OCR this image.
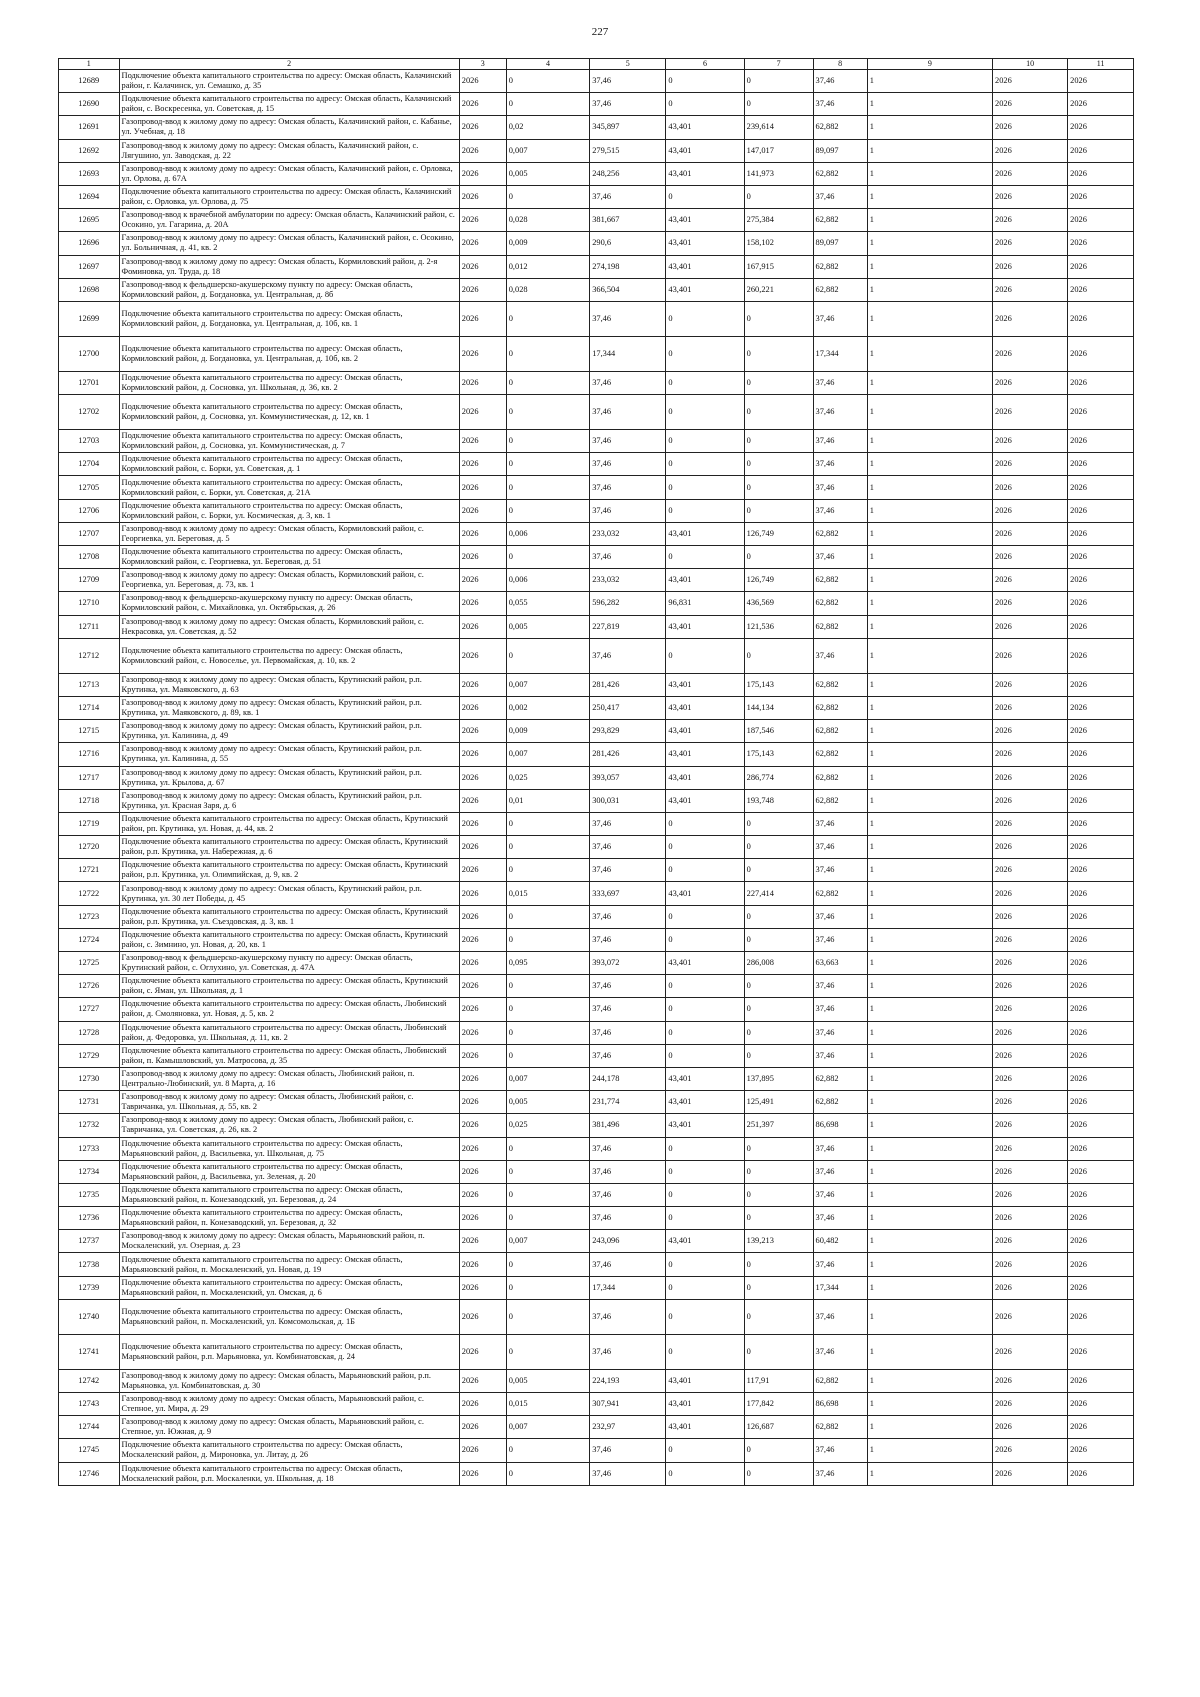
227
1	2	3	4	5	6	7	8	9	10	11
12689	Подключение объекта капитального строительства по адресу: Омская область, Калачинский район, г. Калачинск, ул. Семашко, д. 35	2026	0	37,46	0	0	37,46	1	2026	2026
12690	Подключение объекта капитального строительства по адресу: Омская область, Калачинский район, с. Воскресенка, ул. Советская, д. 15	2026	0	37,46	0	0	37,46	1	2026	2026
12691	Газопровод-ввод к жилому дому по адресу: Омская область, Калачинский район, с. Кабанье, ул. Учебная, д. 18	2026	0,02	345,897	43,401	239,614	62,882	1	2026	2026
12692	Газопровод-ввод к жилому дому по адресу: Омская область, Калачинский район, с. Лягушино, ул. Заводская, д. 22	2026	0,007	279,515	43,401	147,017	89,097	1	2026	2026
12693	Газопровод-ввод к жилому дому по адресу: Омская область, Калачинский район, с. Орловка, ул. Орлова, д. 67А	2026	0,005	248,256	43,401	141,973	62,882	1	2026	2026
12694	Подключение объекта капитального строительства по адресу: Омская область, Калачинский район, с. Орловка, ул. Орлова, д. 75	2026	0	37,46	0	0	37,46	1	2026	2026
12695	Газопровод-ввод к врачебной амбулатории по адресу: Омская область, Калачинский район, с. Осокино, ул. Гагарина, д. 20А	2026	0,028	381,667	43,401	275,384	62,882	1	2026	2026
12696	Газопровод-ввод к жилому дому по адресу: Омская область, Калачинский район, с. Осокино, ул. Больничная, д. 41, кв. 2	2026	0,009	290,6	43,401	158,102	89,097	1	2026	2026
12697	Газопровод-ввод к жилому дому по адресу: Омская область, Кормиловский район, д. 2-я Фоминовка, ул. Труда, д. 18	2026	0,012	274,198	43,401	167,915	62,882	1	2026	2026
12698	Газопровод-ввод к фельдшерско-акушерскому пункту по адресу: Омская область, Кормиловский район, д. Богдановка, ул. Центральная, д. 8б	2026	0,028	366,504	43,401	260,221	62,882	1	2026	2026
12699	Подключение объекта капитального строительства по адресу: Омская область, Кормиловский район, д. Богдановка, ул. Центральная, д. 10б, кв. 1	2026	0	37,46	0	0	37,46	1	2026	2026
12700	Подключение объекта капитального строительства по адресу: Омская область, Кормиловский район, д. Богдановка, ул. Центральная, д. 10б, кв. 2	2026	0	17,344	0	0	17,344	1	2026	2026
12701	Подключение объекта капитального строительства по адресу: Омская область, Кормиловский район, д. Сосновка, ул. Школьная, д. 36, кв. 2	2026	0	37,46	0	0	37,46	1	2026	2026
12702	Подключение объекта капитального строительства по адресу: Омская область, Кормиловский район, д. Сосновка, ул. Коммунистическая, д. 12, кв. 1	2026	0	37,46	0	0	37,46	1	2026	2026
12703	Подключение объекта капитального строительства по адресу: Омская область, Кормиловский район, д. Сосновка, ул. Коммунистическая, д. 7	2026	0	37,46	0	0	37,46	1	2026	2026
12704	Подключение объекта капитального строительства по адресу: Омская область, Кормиловский район, с. Борки, ул. Советская, д. 1	2026	0	37,46	0	0	37,46	1	2026	2026
12705	Подключение объекта капитального строительства по адресу: Омская область, Кормиловский район, с. Борки, ул. Советская, д. 21А	2026	0	37,46	0	0	37,46	1	2026	2026
12706	Подключение объекта капитального строительства по адресу: Омская область, Кормиловский район, с. Борки, ул. Космическая, д. 3, кв. 1	2026	0	37,46	0	0	37,46	1	2026	2026
12707	Газопровод-ввод к жилому дому по адресу: Омская область, Кормиловский район, с. Георгиевка, ул. Береговая, д. 5	2026	0,006	233,032	43,401	126,749	62,882	1	2026	2026
12708	Подключение объекта капитального строительства по адресу: Омская область, Кормиловский район, с. Георгиевка, ул. Береговая, д. 51	2026	0	37,46	0	0	37,46	1	2026	2026
12709	Газопровод-ввод к жилому дому по адресу: Омская область, Кормиловский район, с. Георгиевка, ул. Береговая, д. 73, кв. 1	2026	0,006	233,032	43,401	126,749	62,882	1	2026	2026
12710	Газопровод-ввод к фельдшерско-акушерскому пункту по адресу: Омская область, Кормиловский район, с. Михайловка, ул. Октябрьская, д. 26	2026	0,055	596,282	96,831	436,569	62,882	1	2026	2026
12711	Газопровод-ввод к жилому дому по адресу: Омская область, Кормиловский район, с. Некрасовка, ул. Советская, д. 52	2026	0,005	227,819	43,401	121,536	62,882	1	2026	2026
12712	Подключение объекта капитального строительства по адресу: Омская область, Кормиловский район, с. Новоселье, ул. Первомайская, д. 10, кв. 2	2026	0	37,46	0	0	37,46	1	2026	2026
12713	Газопровод-ввод к жилому дому по адресу: Омская область, Крутинский район, р.п. Крутинка, ул. Маяковского, д. 63	2026	0,007	281,426	43,401	175,143	62,882	1	2026	2026
12714	Газопровод-ввод к жилому дому по адресу: Омская область, Крутинский район, р.п. Крутинка, ул. Маяковского, д. 89, кв. 1	2026	0,002	250,417	43,401	144,134	62,882	1	2026	2026
12715	Газопровод-ввод к жилому дому по адресу: Омская область, Крутинский район, р.п. Крутинка, ул. Калинина, д. 49	2026	0,009	293,829	43,401	187,546	62,882	1	2026	2026
12716	Газопровод-ввод к жилому дому по адресу: Омская область, Крутинский район, р.п. Крутинка, ул. Калинина, д. 55	2026	0,007	281,426	43,401	175,143	62,882	1	2026	2026
12717	Газопровод-ввод к жилому дому по адресу: Омская область, Крутинский район, р.п. Крутинка, ул. Крылова, д. 67	2026	0,025	393,057	43,401	286,774	62,882	1	2026	2026
12718	Газопровод-ввод к жилому дому по адресу: Омская область, Крутинский район, р.п. Крутинка, ул. Красная Заря, д. 6	2026	0,01	300,031	43,401	193,748	62,882	1	2026	2026
12719	Подключение объекта капитального строительства по адресу: Омская область, Крутинский район, рп. Крутинка, ул. Новая, д. 44, кв. 2	2026	0	37,46	0	0	37,46	1	2026	2026
12720	Подключение объекта капитального строительства по адресу: Омская область, Крутинский район, р.п. Крутинка, ул. Набережная, д. 6	2026	0	37,46	0	0	37,46	1	2026	2026
12721	Подключение объекта капитального строительства по адресу: Омская область, Крутинский район, р.п. Крутинка, ул. Олимпийская, д. 9, кв. 2	2026	0	37,46	0	0	37,46	1	2026	2026
12722	Газопровод-ввод к жилому дому по адресу: Омская область, Крутинский район, р.п. Крутинка, ул. 30 лет Победы, д. 45	2026	0,015	333,697	43,401	227,414	62,882	1	2026	2026
12723	Подключение объекта капитального строительства по адресу: Омская область, Крутинский район, р.п. Крутинка, ул. Съездовская, д. 3, кв. 1	2026	0	37,46	0	0	37,46	1	2026	2026
12724	Подключение объекта капитального строительства по адресу: Омская область, Крутинский район, с. Зимнино, ул. Новая, д. 20, кв. 1	2026	0	37,46	0	0	37,46	1	2026	2026
12725	Газопровод-ввод к фельдшерско-акушерскому пункту по адресу: Омская область, Крутинский район, с. Оглухино, ул. Советская, д. 47А	2026	0,095	393,072	43,401	286,008	63,663	1	2026	2026
12726	Подключение объекта капитального строительства по адресу: Омская область, Крутинский район, с. Яман, ул. Школьная, д. 1	2026	0	37,46	0	0	37,46	1	2026	2026
12727	Подключение объекта капитального строительства по адресу: Омская область, Любинский район, д. Смоляновка, ул. Новая, д. 5, кв. 2	2026	0	37,46	0	0	37,46	1	2026	2026
12728	Подключение объекта капитального строительства по адресу: Омская область, Любинский район, д. Федоровка, ул. Школьная, д. 11, кв. 2	2026	0	37,46	0	0	37,46	1	2026	2026
12729	Подключение объекта капитального строительства по адресу: Омская область, Любинский район, п. Камышловский, ул. Матросова, д. 35	2026	0	37,46	0	0	37,46	1	2026	2026
12730	Газопровод-ввод к жилому дому по адресу: Омская область, Любинский район, п. Центрально-Любинский, ул. 8 Марта, д. 16	2026	0,007	244,178	43,401	137,895	62,882	1	2026	2026
12731	Газопровод-ввод к жилому дому по адресу: Омская область, Любинский район, с. Тавричанка, ул. Школьная, д. 55, кв. 2	2026	0,005	231,774	43,401	125,491	62,882	1	2026	2026
12732	Газопровод-ввод к жилому дому по адресу: Омская область, Любинский район, с. Тавричанка, ул. Советская, д. 26, кв. 2	2026	0,025	381,496	43,401	251,397	86,698	1	2026	2026
12733	Подключение объекта капитального строительства по адресу: Омская область, Марьяновский район, д. Васильевка, ул. Школьная, д. 75	2026	0	37,46	0	0	37,46	1	2026	2026
12734	Подключение объекта капитального строительства по адресу: Омская область, Марьяновский район, д. Васильевка, ул. Зеленая, д. 20	2026	0	37,46	0	0	37,46	1	2026	2026
12735	Подключение объекта капитального строительства по адресу: Омская область, Марьяновский район, п. Конезаводский, ул. Березовая, д. 24	2026	0	37,46	0	0	37,46	1	2026	2026
12736	Подключение объекта капитального строительства по адресу: Омская область, Марьяновский район, п. Конезаводский, ул. Березовая, д. 32	2026	0	37,46	0	0	37,46	1	2026	2026
12737	Газопровод-ввод к жилому дому по адресу: Омская область, Марьяновский район, п. Москаленский, ул. Озерная, д. 23	2026	0,007	243,096	43,401	139,213	60,482	1	2026	2026
12738	Подключение объекта капитального строительства по адресу: Омская область, Марьяновский район, п. Москаленский, ул. Новая, д. 19	2026	0	37,46	0	0	37,46	1	2026	2026
12739	Подключение объекта капитального строительства по адресу: Омская область, Марьяновский район, п. Москаленский, ул. Омская, д. 6	2026	0	17,344	0	0	17,344	1	2026	2026
12740	Подключение объекта капитального строительства по адресу: Омская область, Марьяновский район, п. Москаленский, ул. Комсомольская, д. 1Б	2026	0	37,46	0	0	37,46	1	2026	2026
12741	Подключение объекта капитального строительства по адресу: Омская область, Марьяновский район, р.п. Марьяновка, ул. Комбинатовская, д. 24	2026	0	37,46	0	0	37,46	1	2026	2026
12742	Газопровод-ввод к жилому дому по адресу: Омская область, Марьяновский район, р.п. Марьяновка, ул. Комбинатовская, д. 30	2026	0,005	224,193	43,401	117,91	62,882	1	2026	2026
12743	Газопровод-ввод к жилому дому по адресу: Омская область, Марьяновский район, с. Степное, ул. Мира, д. 29	2026	0,015	307,941	43,401	177,842	86,698	1	2026	2026
12744	Газопровод-ввод к жилому дому по адресу: Омская область, Марьяновский район, с. Степное, ул. Южная, д. 9	2026	0,007	232,97	43,401	126,687	62,882	1	2026	2026
12745	Подключение объекта капитального строительства по адресу: Омская область, Москаленский район, д. Мироновка, ул. Литау, д. 26	2026	0	37,46	0	0	37,46	1	2026	2026
12746	Подключение объекта капитального строительства по адресу: Омская область, Москаленский район, р.п. Москаленки, ул. Школьная, д. 18	2026	0	37,46	0	0	37,46	1	2026	2026
